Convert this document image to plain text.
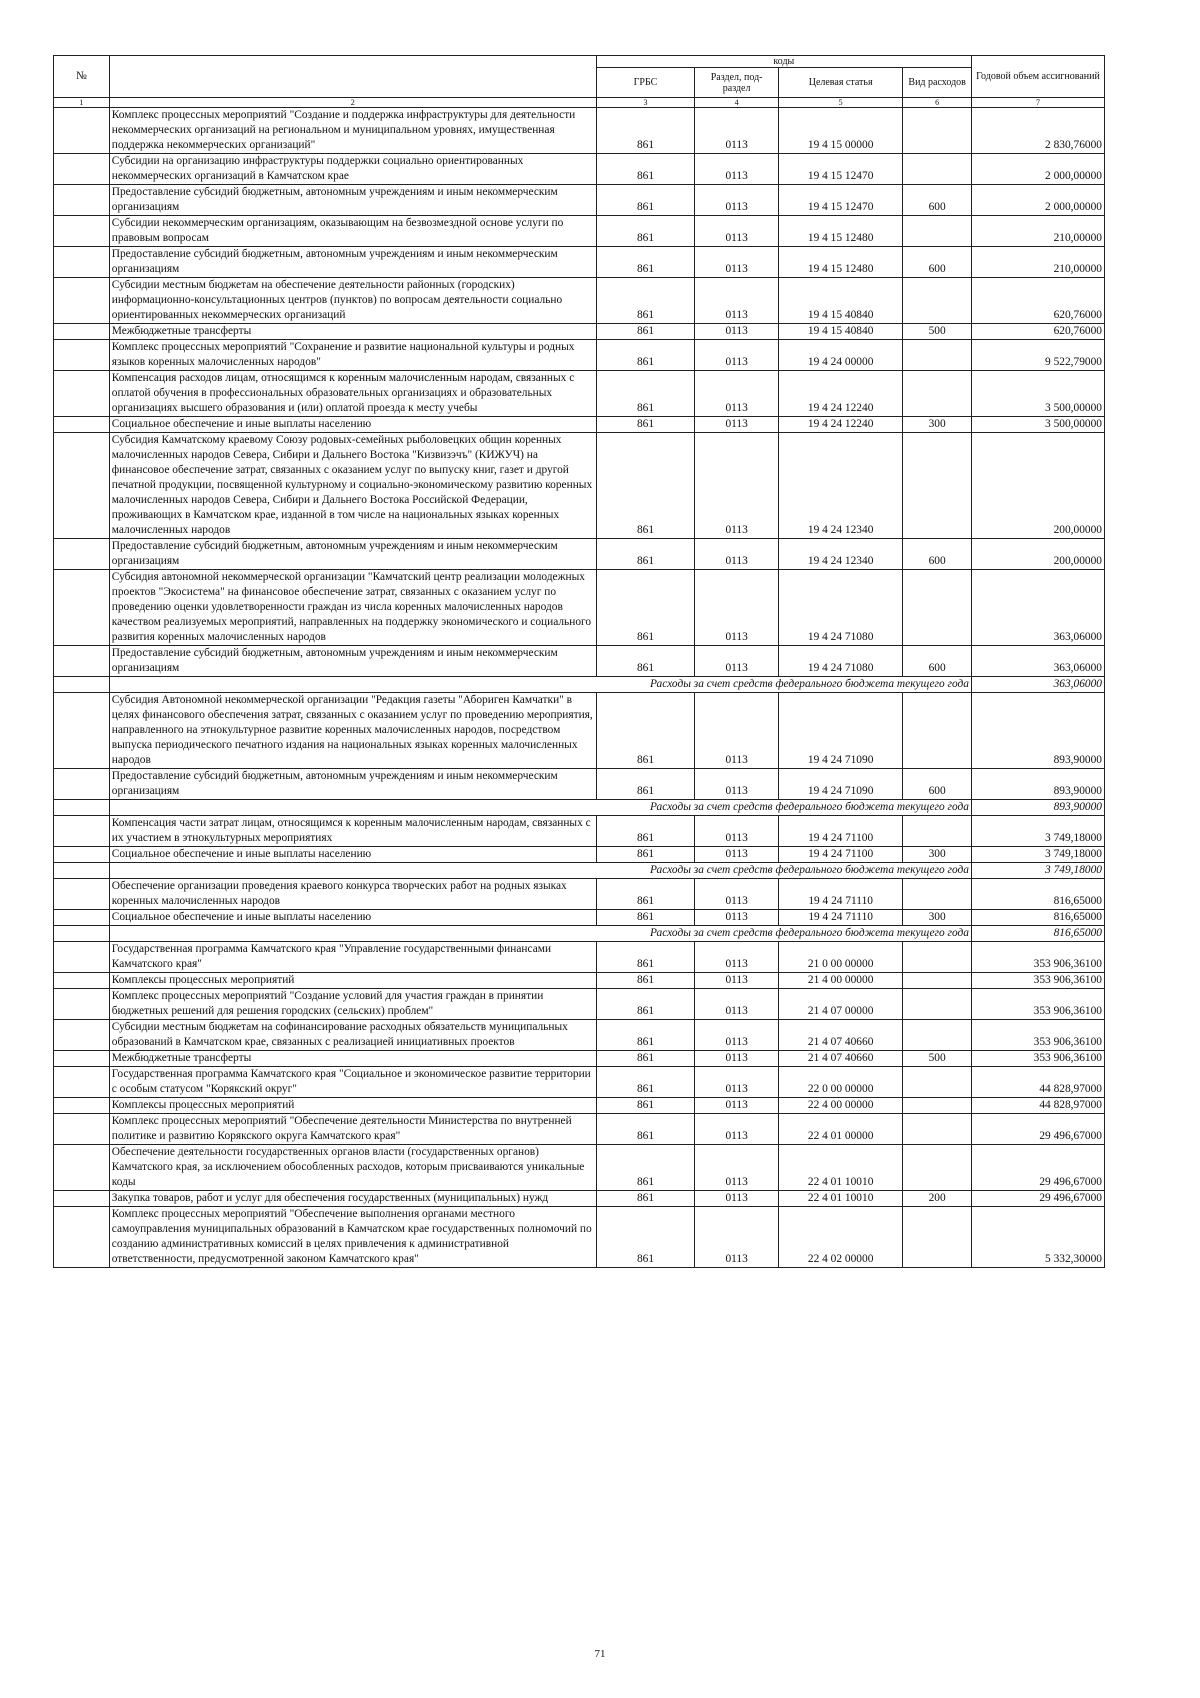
№		коды				Годовой объем ассигнований
		ГРБС	Раздел, под-раздел	Целевая статья	Вид расходов	
1	2	3	4	5	6	7
	Комплекс процессных мероприятий "Создание и поддержка инфраструктуры для деятельности некоммерческих организаций на региональном и муниципальном уровнях, имущественная поддержка некоммерческих организаций"	861	0113	19 4 15 00000		2 830,76000
	Субсидии на организацию инфраструктуры поддержки социально ориентированных некоммерческих организаций в Камчатском крае	861	0113	19 4 15 12470		2 000,00000
	Предоставление субсидий бюджетным, автономным учреждениям и иным некоммерческим организациям	861	0113	19 4 15 12470	600	2 000,00000
	Субсидии некоммерческим организациям, оказывающим на безвозмездной основе услуги по правовым вопросам	861	0113	19 4 15 12480		210,00000
	Предоставление субсидий бюджетным, автономным учреждениям и иным некоммерческим организациям	861	0113	19 4 15 12480	600	210,00000
	Субсидии местным бюджетам на обеспечение деятельности районных (городских) информационно-консультационных центров (пунктов) по вопросам деятельности социально ориентированных некоммерческих организаций	861	0113	19 4 15 40840		620,76000
	Межбюджетные трансферты	861	0113	19 4 15 40840	500	620,76000
	Комплекс процессных мероприятий "Сохранение и развитие национальной культуры и родных языков коренных малочисленных народов"	861	0113	19 4 24 00000		9 522,79000
	Компенсация расходов лицам, относящимся к коренным малочисленным народам, связанных с оплатой обучения в профессиональных образовательных организациях и образовательных организациях высшего образования и (или) оплатой проезда к месту учебы	861	0113	19 4 24 12240		3 500,00000
	Социальное обеспечение и иные выплаты населению	861	0113	19 4 24 12240	300	3 500,00000
	Субсидия Камчатскому краевому Союзу родовых-семейных рыболовецких общин коренных малочисленных народов Севера, Сибири и Дальнего Востока "Кизвизэчъ" (КИЖУЧ) на финансовое обеспечение затрат, связанных с оказанием услуг по выпуску книг, газет и другой печатной продукции, посвященной культурному и социально-экономическому развитию коренных малочисленных народов Севера, Сибири и Дальнего Востока Российской Федерации, проживающих в Камчатском крае, изданной в том числе на национальных языках коренных малочисленных народов	861	0113	19 4 24 12340		200,00000
	Предоставление субсидий бюджетным, автономным учреждениям и иным некоммерческим организациям	861	0113	19 4 24 12340	600	200,00000
	Субсидия автономной некоммерческой организации "Камчатский центр реализации молодежных проектов "Экосистема" на финансовое обеспечение затрат, связанных с оказанием услуг по проведению оценки удовлетворенности граждан из числа коренных малочисленных народов качеством реализуемых мероприятий, направленных на поддержку экономического и социального развития коренных малочисленных народов	861	0113	19 4 24 71080		363,06000
	Предоставление субсидий бюджетным, автономным учреждениям и иным некоммерческим организациям	861	0113	19 4 24 71080	600	363,06000
	Расходы за счет средств федерального бюджета текущего года					363,06000
	Субсидия Автономной некоммерческой организации "Редакция газеты "Абориген Камчатки" в целях финансового обеспечения затрат, связанных с оказанием услуг по проведению мероприятия, направленного на этнокультурное развитие коренных малочисленных народов, посредством выпуска периодического печатного издания на национальных языках коренных малочисленных народов	861	0113	19 4 24 71090		893,90000
	Предоставление субсидий бюджетным, автономным учреждениям и иным некоммерческим организациям	861	0113	19 4 24 71090	600	893,90000
	Расходы за счет средств федерального бюджета текущего года					893,90000
	Компенсация части затрат лицам, относящимся к коренным малочисленным народам, связанных с их участием в этнокультурных мероприятиях	861	0113	19 4 24 71100		3 749,18000
	Социальное обеспечение и иные выплаты населению	861	0113	19 4 24 71100	300	3 749,18000
	Расходы за счет средств федерального бюджета текущего года					3 749,18000
	Обеспечение организации проведения краевого конкурса творческих работ на родных языках коренных малочисленных народов	861	0113	19 4 24 71110		816,65000
	Социальное обеспечение и иные выплаты населению	861	0113	19 4 24 71110	300	816,65000
	Расходы за счет средств федерального бюджета текущего года					816,65000
	Государственная программа Камчатского края "Управление государственными финансами Камчатского края"	861	0113	21 0 00 00000		353 906,36100
	Комплексы процессных мероприятий	861	0113	21 4 00 00000		353 906,36100
	Комплекс процессных мероприятий "Создание условий для участия граждан в принятии бюджетных решений для решения городских (сельских) проблем"	861	0113	21 4 07 00000		353 906,36100
	Субсидии местным бюджетам на софинансирование расходных обязательств муниципальных образований в Камчатском крае, связанных с реализацией инициативных проектов	861	0113	21 4 07 40660		353 906,36100
	Межбюджетные трансферты	861	0113	21 4 07 40660	500	353 906,36100
	Государственная программа Камчатского края "Социальное и экономическое развитие территории с особым статусом "Корякский округ"	861	0113	22 0 00 00000		44 828,97000
	Комплексы процессных мероприятий	861	0113	22 4 00 00000		44 828,97000
	Комплекс процессных мероприятий "Обеспечение деятельности Министерства по внутренней политике и развитию Корякского округа Камчатского края"	861	0113	22 4 01 00000		29 496,67000
	Обеспечение деятельности государственных органов власти (государственных органов) Камчатского края, за исключением обособленных расходов, которым присваиваются уникальные коды	861	0113	22 4 01 10010		29 496,67000
	Закупка товаров, работ и услуг для обеспечения государственных (муниципальных) нужд	861	0113	22 4 01 10010	200	29 496,67000
	Комплекс процессных мероприятий "Обеспечение выполнения органами местного самоуправления муниципальных образований в Камчатском крае государственных полномочий по созданию административных комиссий в целях привлечения к административной ответственности, предусмотренной законом Камчатского края"	861	0113	22 4 02 00000		5 332,30000
71
